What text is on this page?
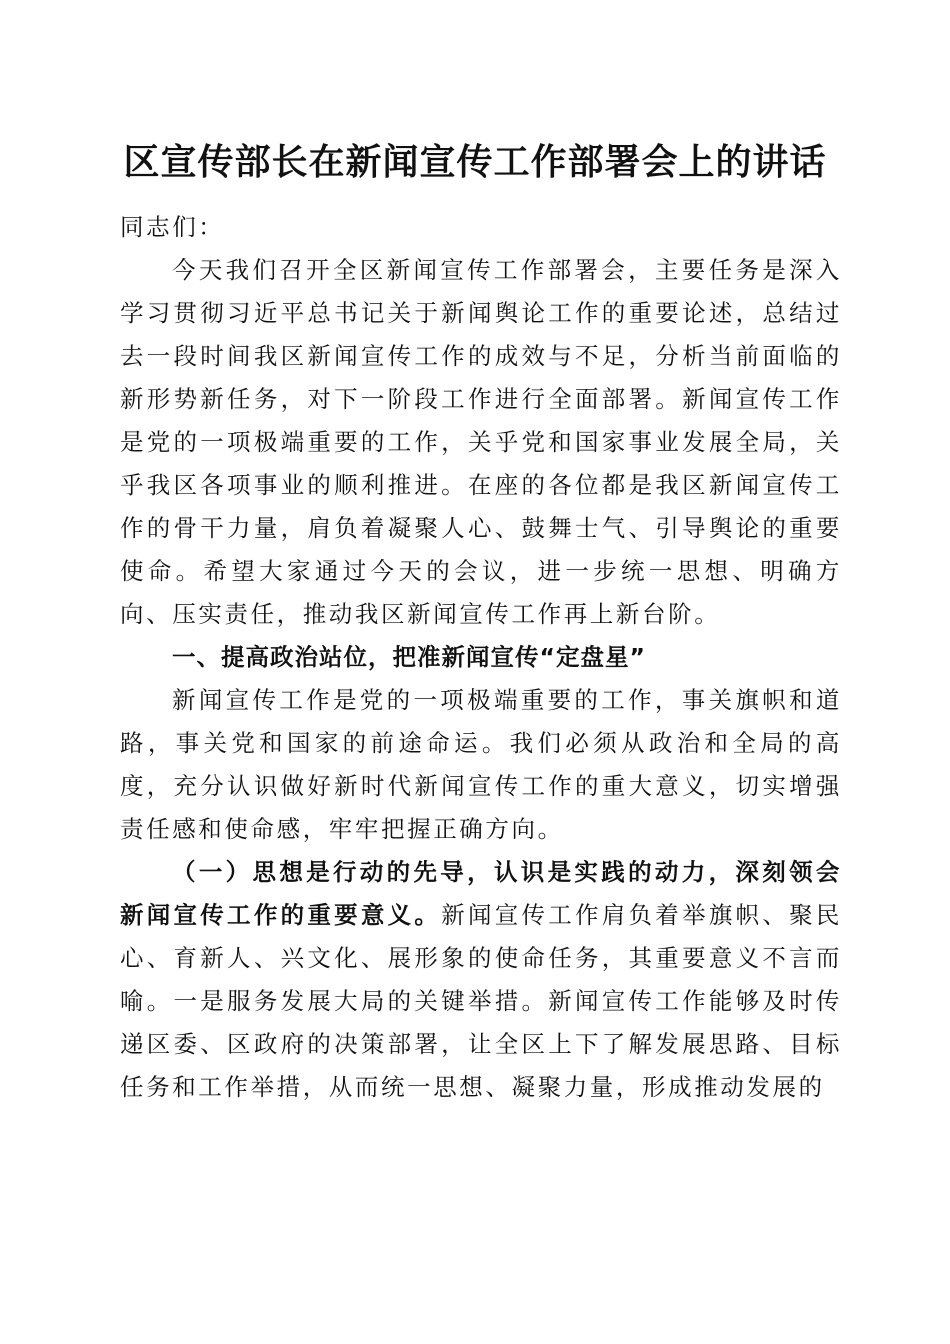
区宣传部长在新闻宣传工作部署会上的讲话

同志们：

今天我们召开全区新闻宣传工作部署会，主要任务是深入学习贯彻习近平总书记关于新闻舆论工作的重要论述，总结过去一段时间我区新闻宣传工作的成效与不足，分析当前面临的新形势新任务，对下一阶段工作进行全面部署。新闻宣传工作是党的一项极端重要的工作，关乎党和国家事业发展全局，关乎我区各项事业的顺利推进。在座的各位都是我区新闻宣传工作的骨干力量，肩负着凝聚人心、鼓舞士气、引导舆论的重要使命。希望大家通过今天的会议，进一步统一思想、明确方向、压实责任，推动我区新闻宣传工作再上新台阶。

一、提高政治站位，把准新闻宣传“定盘星”

新闻宣传工作是党的一项极端重要的工作，事关旗帜和道路，事关党和国家的前途命运。我们必须从政治和全局的高度，充分认识做好新时代新闻宣传工作的重大意义，切实增强责任感和使命感，牢牢把握正确方向。

（一）思想是行动的先导，认识是实践的动力，深刻领会新闻宣传工作的重要意义。新闻宣传工作肩负着举旗帜、聚民心、育新人、兴文化、展形象的使命任务，其重要意义不言而喻。一是服务发展大局的关键举措。新闻宣传工作能够及时传递区委、区政府的决策部署，让全区上下了解发展思路、目标任务和工作举措，从而统一思想、凝聚力量，形成推动发展的
